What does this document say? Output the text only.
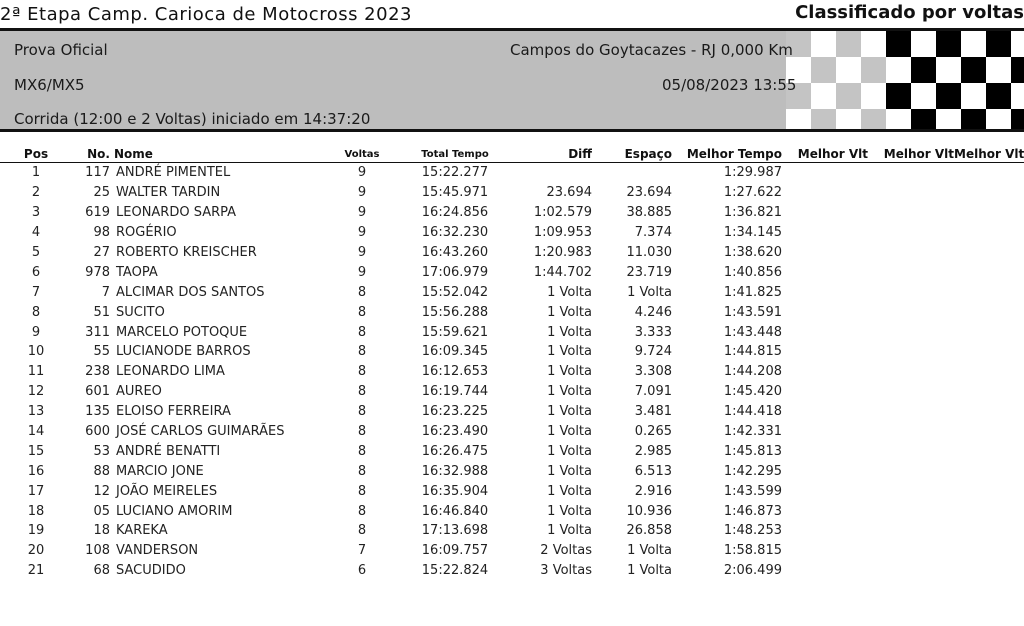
2ª Etapa Camp. Carioca de Motocross 2023	Classificado por voltas
Prova Oficial	Campos do Goytacazes - RJ 0,000 Km
MX6/MX5	05/08/2023 13:55
Corrida (12:00 e 2 Voltas) iniciado em 14:37:20
Pos	No.	Nome	Voltas	Total Tempo	Diff	Espaço	Melhor Tempo	Melhor Vlt	Melhor Vlt	Melhor Vlt
1	117	ANDRÉ PIMENTEL	9	15:22.277			1:29.987			
2	25	WALTER TARDIN	9	15:45.971	23.694	23.694	1:27.622			
3	619	LEONARDO SARPA	9	16:24.856	1:02.579	38.885	1:36.821			
4	98	ROGÉRIO	9	16:32.230	1:09.953	7.374	1:34.145			
5	27	ROBERTO KREISCHER	9	16:43.260	1:20.983	11.030	1:38.620			
6	978	TAOPA	9	17:06.979	1:44.702	23.719	1:40.856			
7	7	ALCIMAR DOS SANTOS	8	15:52.042	1 Volta	1 Volta	1:41.825			
8	51	SUCITO	8	15:56.288	1 Volta	4.246	1:43.591			
9	311	MARCELO POTOQUE	8	15:59.621	1 Volta	3.333	1:43.448			
10	55	LUCIANODE BARROS	8	16:09.345	1 Volta	9.724	1:44.815			
11	238	LEONARDO LIMA	8	16:12.653	1 Volta	3.308	1:44.208			
12	601	AUREO	8	16:19.744	1 Volta	7.091	1:45.420			
13	135	ELOISO FERREIRA	8	16:23.225	1 Volta	3.481	1:44.418			
14	600	JOSÉ CARLOS GUIMARÃES	8	16:23.490	1 Volta	0.265	1:42.331			
15	53	ANDRÉ BENATTI	8	16:26.475	1 Volta	2.985	1:45.813			
16	88	MARCIO JONE	8	16:32.988	1 Volta	6.513	1:42.295			
17	12	JOÃO MEIRELES	8	16:35.904	1 Volta	2.916	1:43.599			
18	05	LUCIANO AMORIM	8	16:46.840	1 Volta	10.936	1:46.873			
19	18	KAREKA	8	17:13.698	1 Volta	26.858	1:48.253			
20	108	VANDERSON	7	16:09.757	2 Voltas	1 Volta	1:58.815			
21	68	SACUDIDO	6	15:22.824	3 Voltas	1 Volta	2:06.499			
